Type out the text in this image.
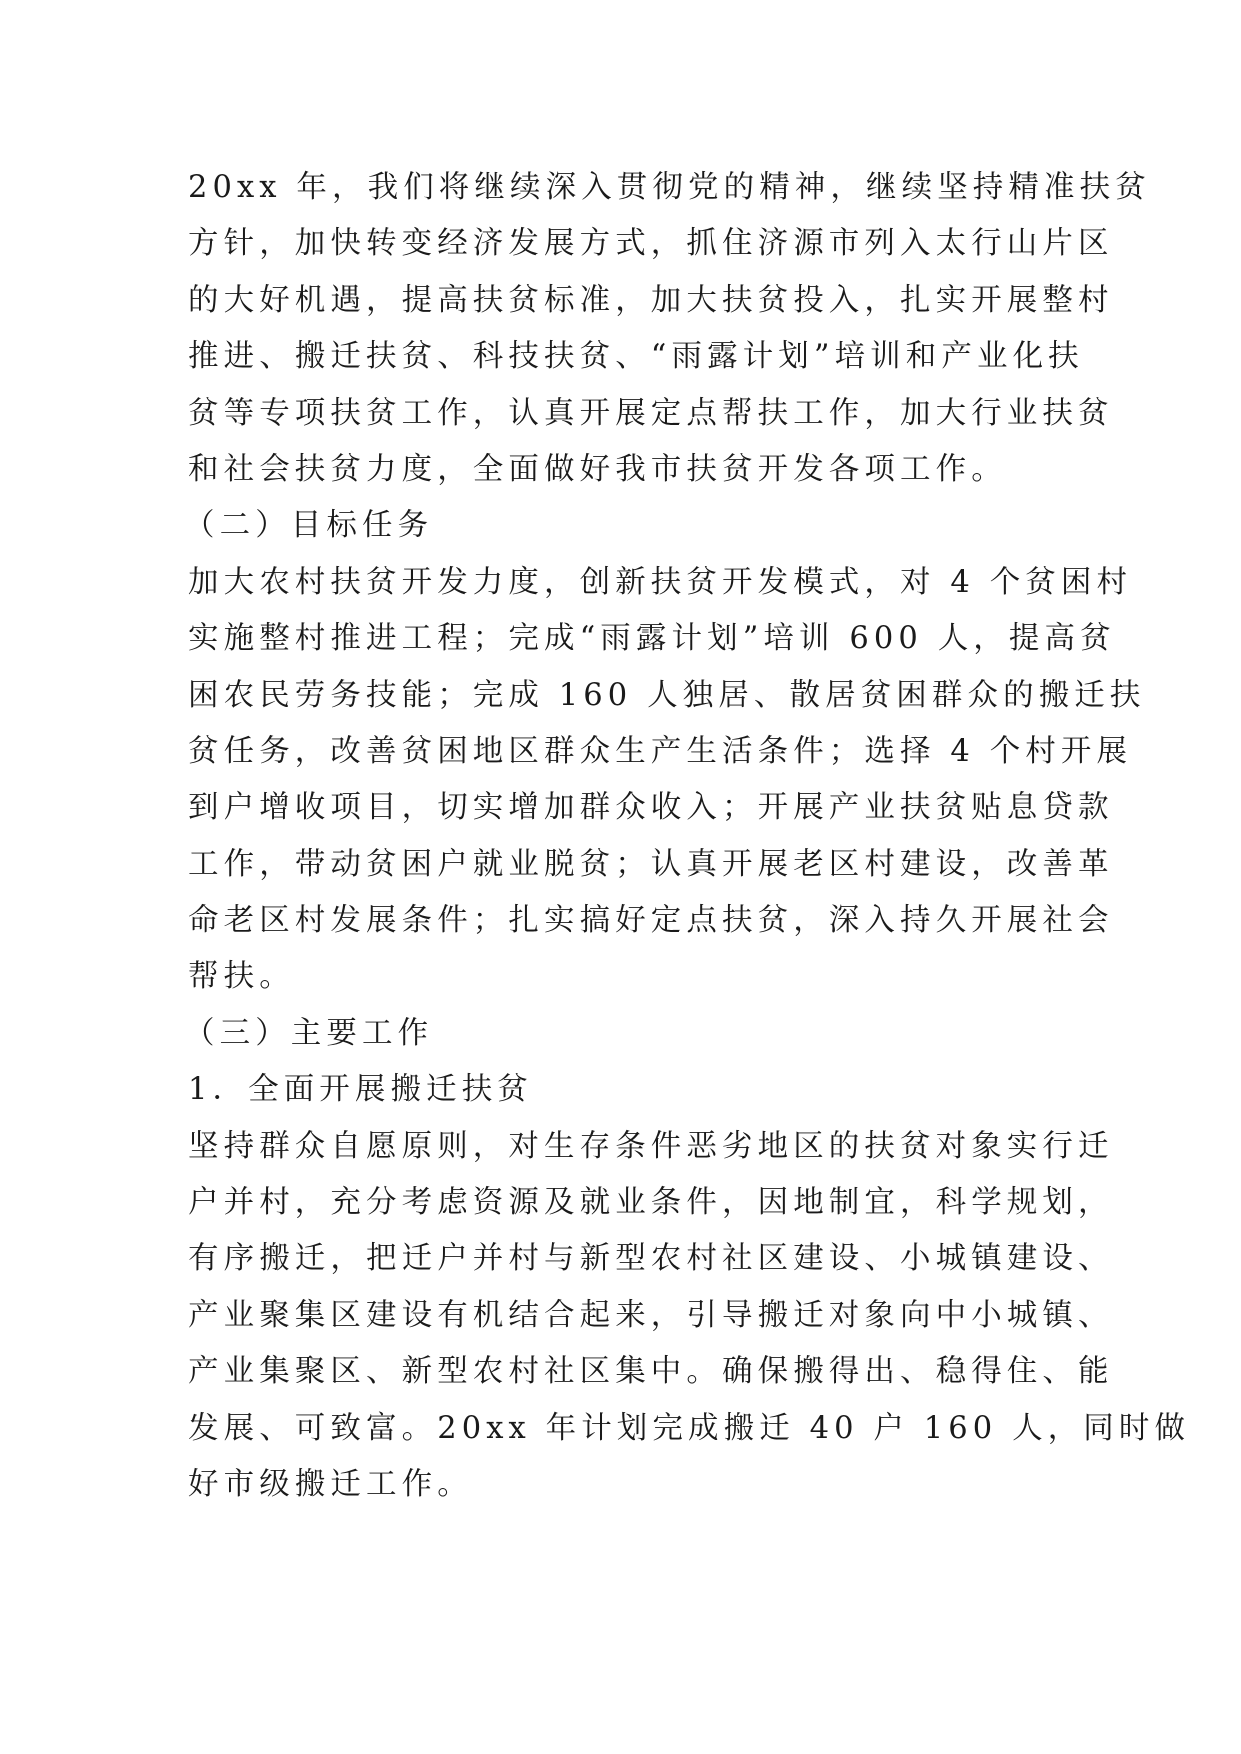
20xx 年，我们将继续深入贯彻党的精神，继续坚持精准扶贫
方针，加快转变经济发展方式，抓住济源市列入太行山片区
的大好机遇，提高扶贫标准，加大扶贫投入，扎实开展整村
推进、搬迁扶贫、科技扶贫、“雨露计划”培训和产业化扶
贫等专项扶贫工作，认真开展定点帮扶工作，加大行业扶贫
和社会扶贫力度，全面做好我市扶贫开发各项工作。
（二）目标任务
加大农村扶贫开发力度，创新扶贫开发模式，对 4 个贫困村
实施整村推进工程；完成“雨露计划”培训 600 人，提高贫
困农民劳务技能；完成 160 人独居、散居贫困群众的搬迁扶
贫任务，改善贫困地区群众生产生活条件；选择 4 个村开展
到户增收项目，切实增加群众收入；开展产业扶贫贴息贷款
工作，带动贫困户就业脱贫；认真开展老区村建设，改善革
命老区村发展条件；扎实搞好定点扶贫，深入持久开展社会
帮扶。
（三）主要工作
1．全面开展搬迁扶贫
坚持群众自愿原则，对生存条件恶劣地区的扶贫对象实行迁
户并村，充分考虑资源及就业条件，因地制宜，科学规划，
有序搬迁，把迁户并村与新型农村社区建设、小城镇建设、
产业聚集区建设有机结合起来，引导搬迁对象向中小城镇、
产业集聚区、新型农村社区集中。确保搬得出、稳得住、能
发展、可致富。20xx 年计划完成搬迁 40 户 160 人，同时做
好市级搬迁工作。
